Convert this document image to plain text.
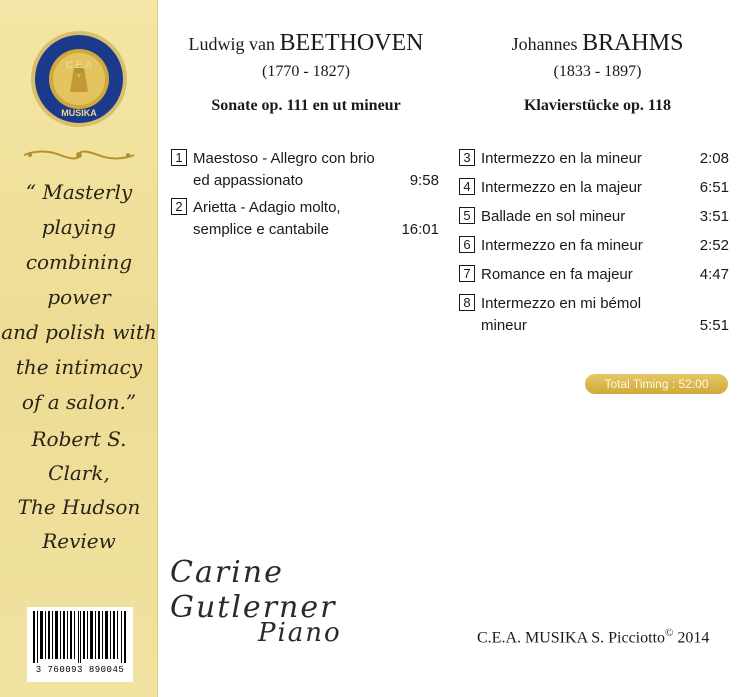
C.E.A
MUSIKA
“ Masterly
playing
combining
power
and polish with
the intimacy
of a salon.”
Robert S.
Clark,
The Hudson
Review
3 760093 890045
Ludwig van BEETHOVEN
(1770 - 1827)
Sonate op. 111 en ut mineur
Johannes BRAHMS
(1833 - 1897)
Klavierstücke op. 118
1 Maestoso - Allegro con brio
ed appassionato	9:58
2 Arietta - Adagio molto,
semplice e cantabile	16:01
3 Intermezzo en la mineur	2:08
4 Intermezzo en la majeur	6:51
5 Ballade en sol mineur	3:51
6 Intermezzo en fa mineur	2:52
7 Romance en fa majeur	4:47
8 Intermezzo en mi bémol
mineur	5:51
Total Timing : 52:00
Carine Gutlerner
Piano	C.E.A. MUSIKA S. Picciotto© 2014
